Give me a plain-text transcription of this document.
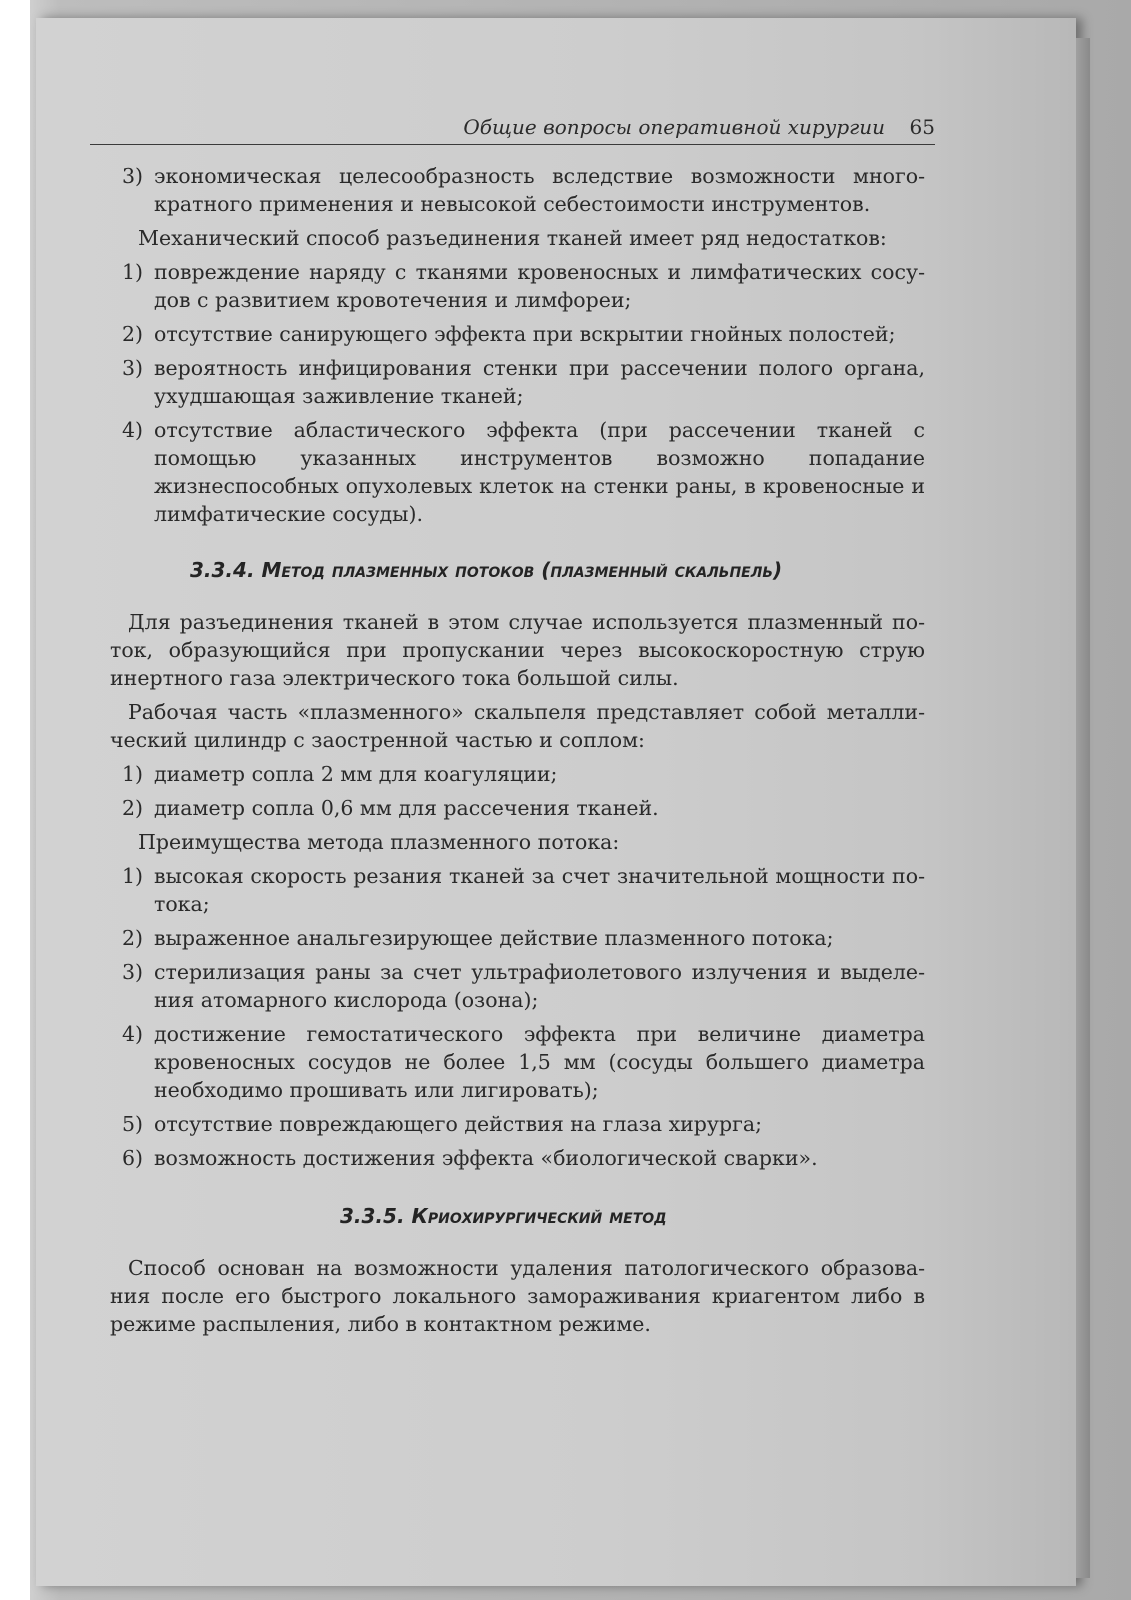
Общие вопросы оперативной хирургии 65
3) экономическая целесообразность вследствие возможности многократного применения и невысокой себестоимости инструментов.
Механический способ разъединения тканей имеет ряд недостатков:
1) повреждение наряду с тканями кровеносных и лимфатических сосудов с развитием кровотечения и лимфореи;
2) отсутствие санирующего эффекта при вскрытии гнойных полостей;
3) вероятность инфицирования стенки при рассечении полого органа, ухудшающая заживление тканей;
4) отсутствие абластического эффекта (при рассечении тканей с помощью указанных инструментов возможно попадание жизнеспособных опухолевых клеток на стенки раны, в кровеносные и лимфатические сосуды).
3.3.4. Метод плазменных потоков (плазменный скальпель)
Для разъединения тканей в этом случае используется плазменный поток, образующийся при пропускании через высокоскоростную струю инертного газа электрического тока большой силы.
Рабочая часть «плазменного» скальпеля представляет собой металлический цилиндр с заостренной частью и соплом:
1) диаметр сопла 2 мм для коагуляции;
2) диаметр сопла 0,6 мм для рассечения тканей.
Преимущества метода плазменного потока:
1) высокая скорость резания тканей за счет значительной мощности потока;
2) выраженное анальгезирующее действие плазменного потока;
3) стерилизация раны за счет ультрафиолетового излучения и выделения атомарного кислорода (озона);
4) достижение гемостатического эффекта при величине диаметра кровеносных сосудов не более 1,5 мм (сосуды большего диаметра необходимо прошивать или лигировать);
5) отсутствие повреждающего действия на глаза хирурга;
6) возможность достижения эффекта «биологической сварки».
3.3.5. Криохирургический метод
Способ основан на возможности удаления патологического образования после его быстрого локального замораживания криагентом либо в режиме распыления, либо в контактном режиме.
